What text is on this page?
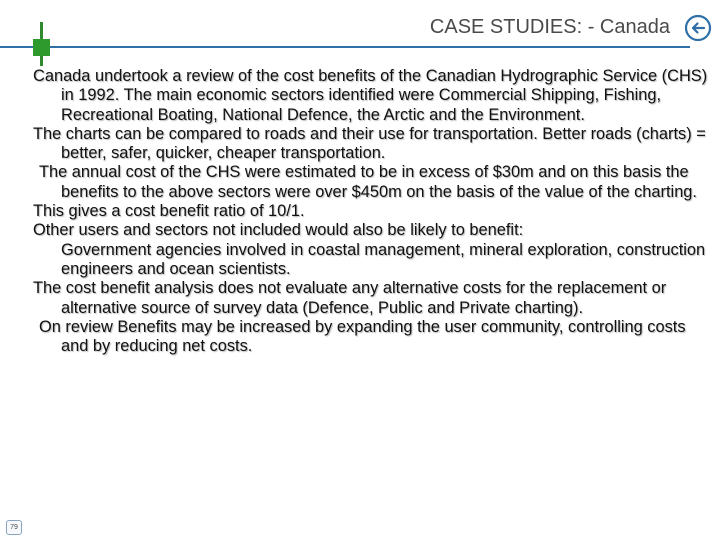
CASE STUDIES: - Canada

Canada undertook a review of the cost benefits of the Canadian Hydrographic Service (CHS) in 1992. The main economic sectors identified were Commercial Shipping, Fishing, Recreational Boating, National Defence, the Arctic and the Environment.

The charts can be compared to roads and their use for transportation. Better roads (charts) = better, safer, quicker, cheaper transportation.

The annual cost of the CHS were estimated to be in excess of $30m and on this basis the benefits to the above sectors were over $450m on the basis of the value of the charting.

This gives a cost benefit ratio of 10/1.

Other users and sectors not included would also be likely to benefit:

Government agencies involved in coastal management, mineral exploration, construction engineers and ocean scientists.

The cost benefit analysis does not evaluate any alternative costs for the replacement or alternative source of survey data (Defence, Public and Private charting).

On review Benefits may be increased by expanding the user community, controlling costs and by reducing net costs.

79
